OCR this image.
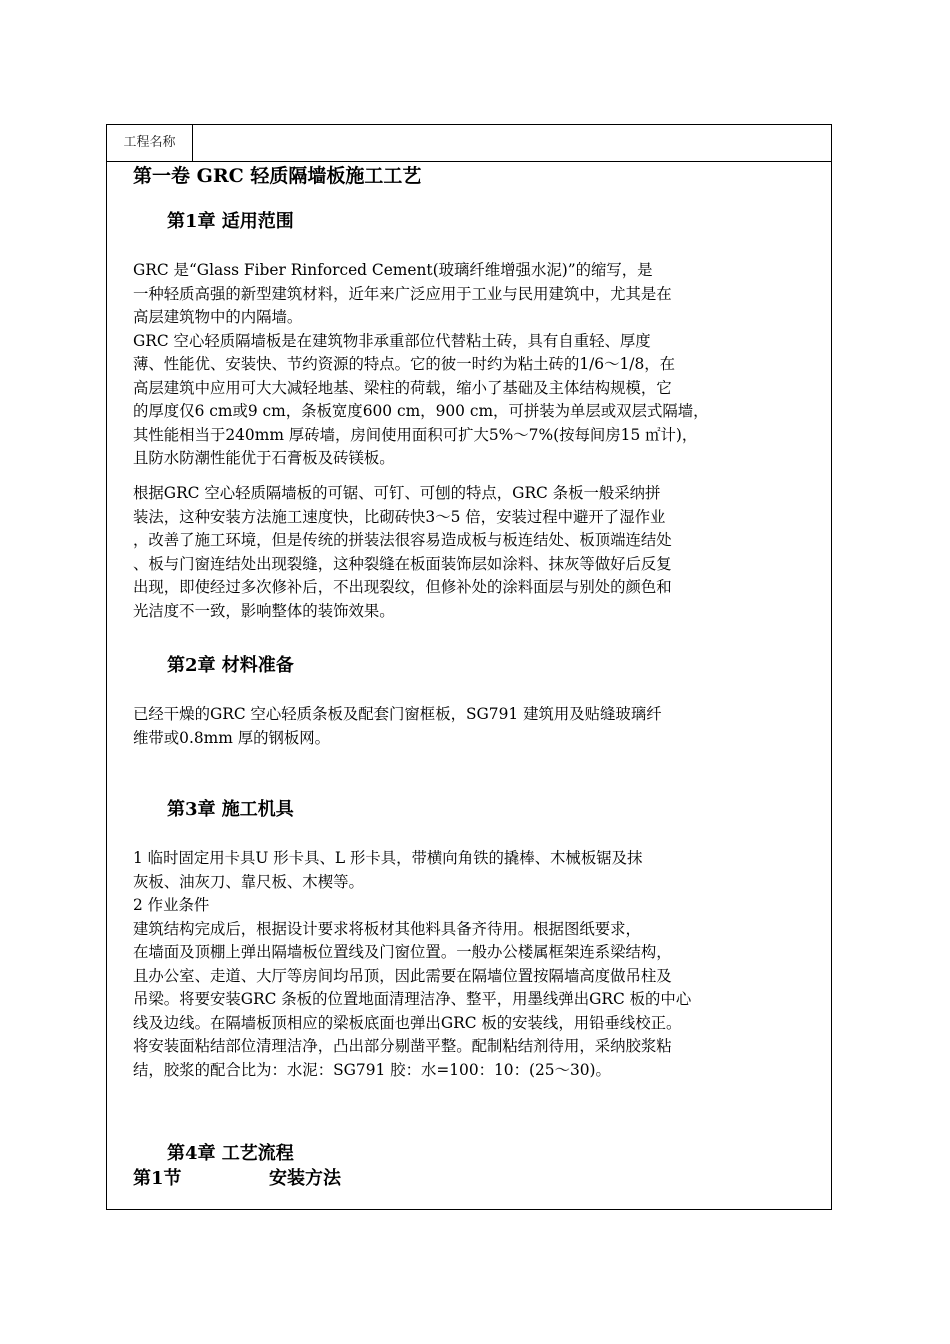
工程名称
第一卷 GRC 轻质隔墙板施工工艺
第1章 适用范围
GRC 是“Glass Fiber Rinforced Cement(玻璃纤维增强水泥)”的缩写，是
一种轻质高强的新型建筑材料，近年来广泛应用于工业与民用建筑中，尤其是在
高层建筑物中的内隔墙。
GRC 空心轻质隔墙板是在建筑物非承重部位代替粘土砖，具有自重轻、厚度
薄、性能优、安装快、节约资源的特点。它的彼一时约为粘土砖的1/6～1/8，在
高层建筑中应用可大大减轻地基、梁柱的荷载，缩小了基础及主体结构规模，它
的厚度仅6 cm或9 cm，条板宽度600 cm，900 cm，可拼装为单层或双层式隔墙，
其性能相当于240mm 厚砖墙，房间使用面积可扩大5%～7%(按每间房15 ㎡计)，
且防水防潮性能优于石膏板及砖镁板。
根据GRC 空心轻质隔墙板的可锯、可钉、可刨的特点，GRC 条板一般采纳拼
装法，这种安装方法施工速度快，比砌砖快3～5 倍，安装过程中避开了湿作业
，改善了施工环境，但是传统的拼装法很容易造成板与板连结处、板顶端连结处
、板与门窗连结处出现裂缝，这种裂缝在板面装饰层如涂料、抹灰等做好后反复
出现，即使经过多次修补后，不出现裂纹，但修补处的涂料面层与别处的颜色和
光洁度不一致，影响整体的装饰效果。
第2章 材料准备
已经干燥的GRC 空心轻质条板及配套门窗框板，SG791 建筑用及贴缝玻璃纤
维带或0.8mm 厚的钢板网。
第3章 施工机具
1 临时固定用卡具U 形卡具、L 形卡具，带横向角铁的撬棒、木械板锯及抹
灰板、油灰刀、靠尺板、木楔等。
2 作业条件
建筑结构完成后，根据设计要求将板材其他料具备齐待用。根据图纸要求，
在墙面及顶棚上弹出隔墙板位置线及门窗位置。一般办公楼属框架连系梁结构，
且办公室、走道、大厅等房间均吊顶，因此需要在隔墙位置按隔墙高度做吊柱及
吊梁。将要安装GRC 条板的位置地面清理洁净、整平，用墨线弹出GRC 板的中心
线及边线。在隔墙板顶相应的梁板底面也弹出GRC 板的安装线，用铅垂线校正。
将安装面粘结部位清理洁净，凸出部分剔凿平整。配制粘结剂待用，采纳胶浆粘
结，胶浆的配合比为：水泥：SG791 胶：水=100：10：(25～30)。
第4章 工艺流程
第1节	安装方法
